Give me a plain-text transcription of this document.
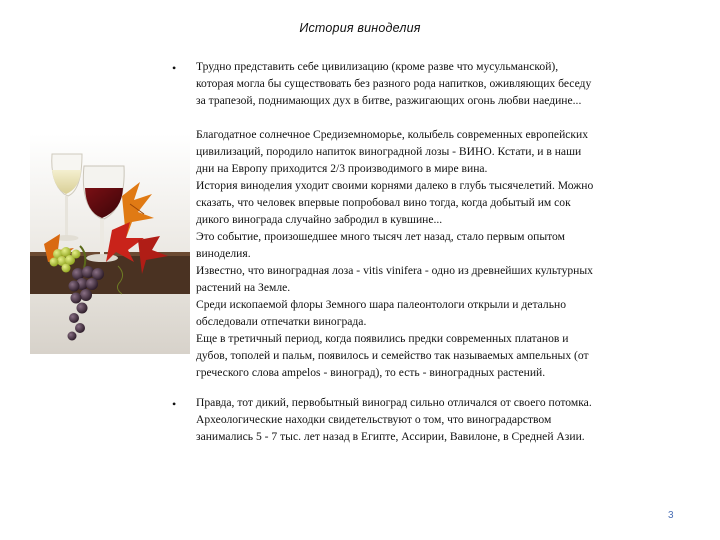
История виноделия
•
•
Трудно представить себе цивилизацию (кроме разве что мусульманской),
которая могла бы существовать без разного рода напитков, оживляющих беседу
за трапезой, поднимающих дух в битве, разжигающих огонь любви наедине...
Благодатное солнечное Средиземноморье, колыбель современных европейских
цивилизаций, породило напиток виноградной лозы - ВИНО. Кстати, и в наши
дни на Европу приходится 2/3 производимого в мире вина.
История виноделия уходит своими корнями далеко в глубь тысячелетий. Можно
сказать, что человек впервые попробовал вино тогда, когда добытый им сок
дикого винограда случайно забродил в кувшине...
Это событие, произошедшее много тысяч лет назад, стало первым опытом
виноделия.
Известно, что виноградная лоза - vitis vinifera - одно из древнейших культурных
растений на Земле.
Среди ископаемой флоры Земного шара палеонтологи открыли и детально
обследовали отпечатки винограда.
Еще в третичный период, когда появились предки современных платанов и
дубов, тополей и пальм, появилось и семейство так называемых ампельных (от
греческого слова ampelos - виноград), то есть - виноградных растений.
Правда, тот дикий, первобытный виноград сильно отличался от своего потомка.
Археологические находки свидетельствуют о том, что виноградарством
занимались 5 - 7 тыс. лет назад в Египте, Ассирии, Вавилоне, в Средней Азии.
3
